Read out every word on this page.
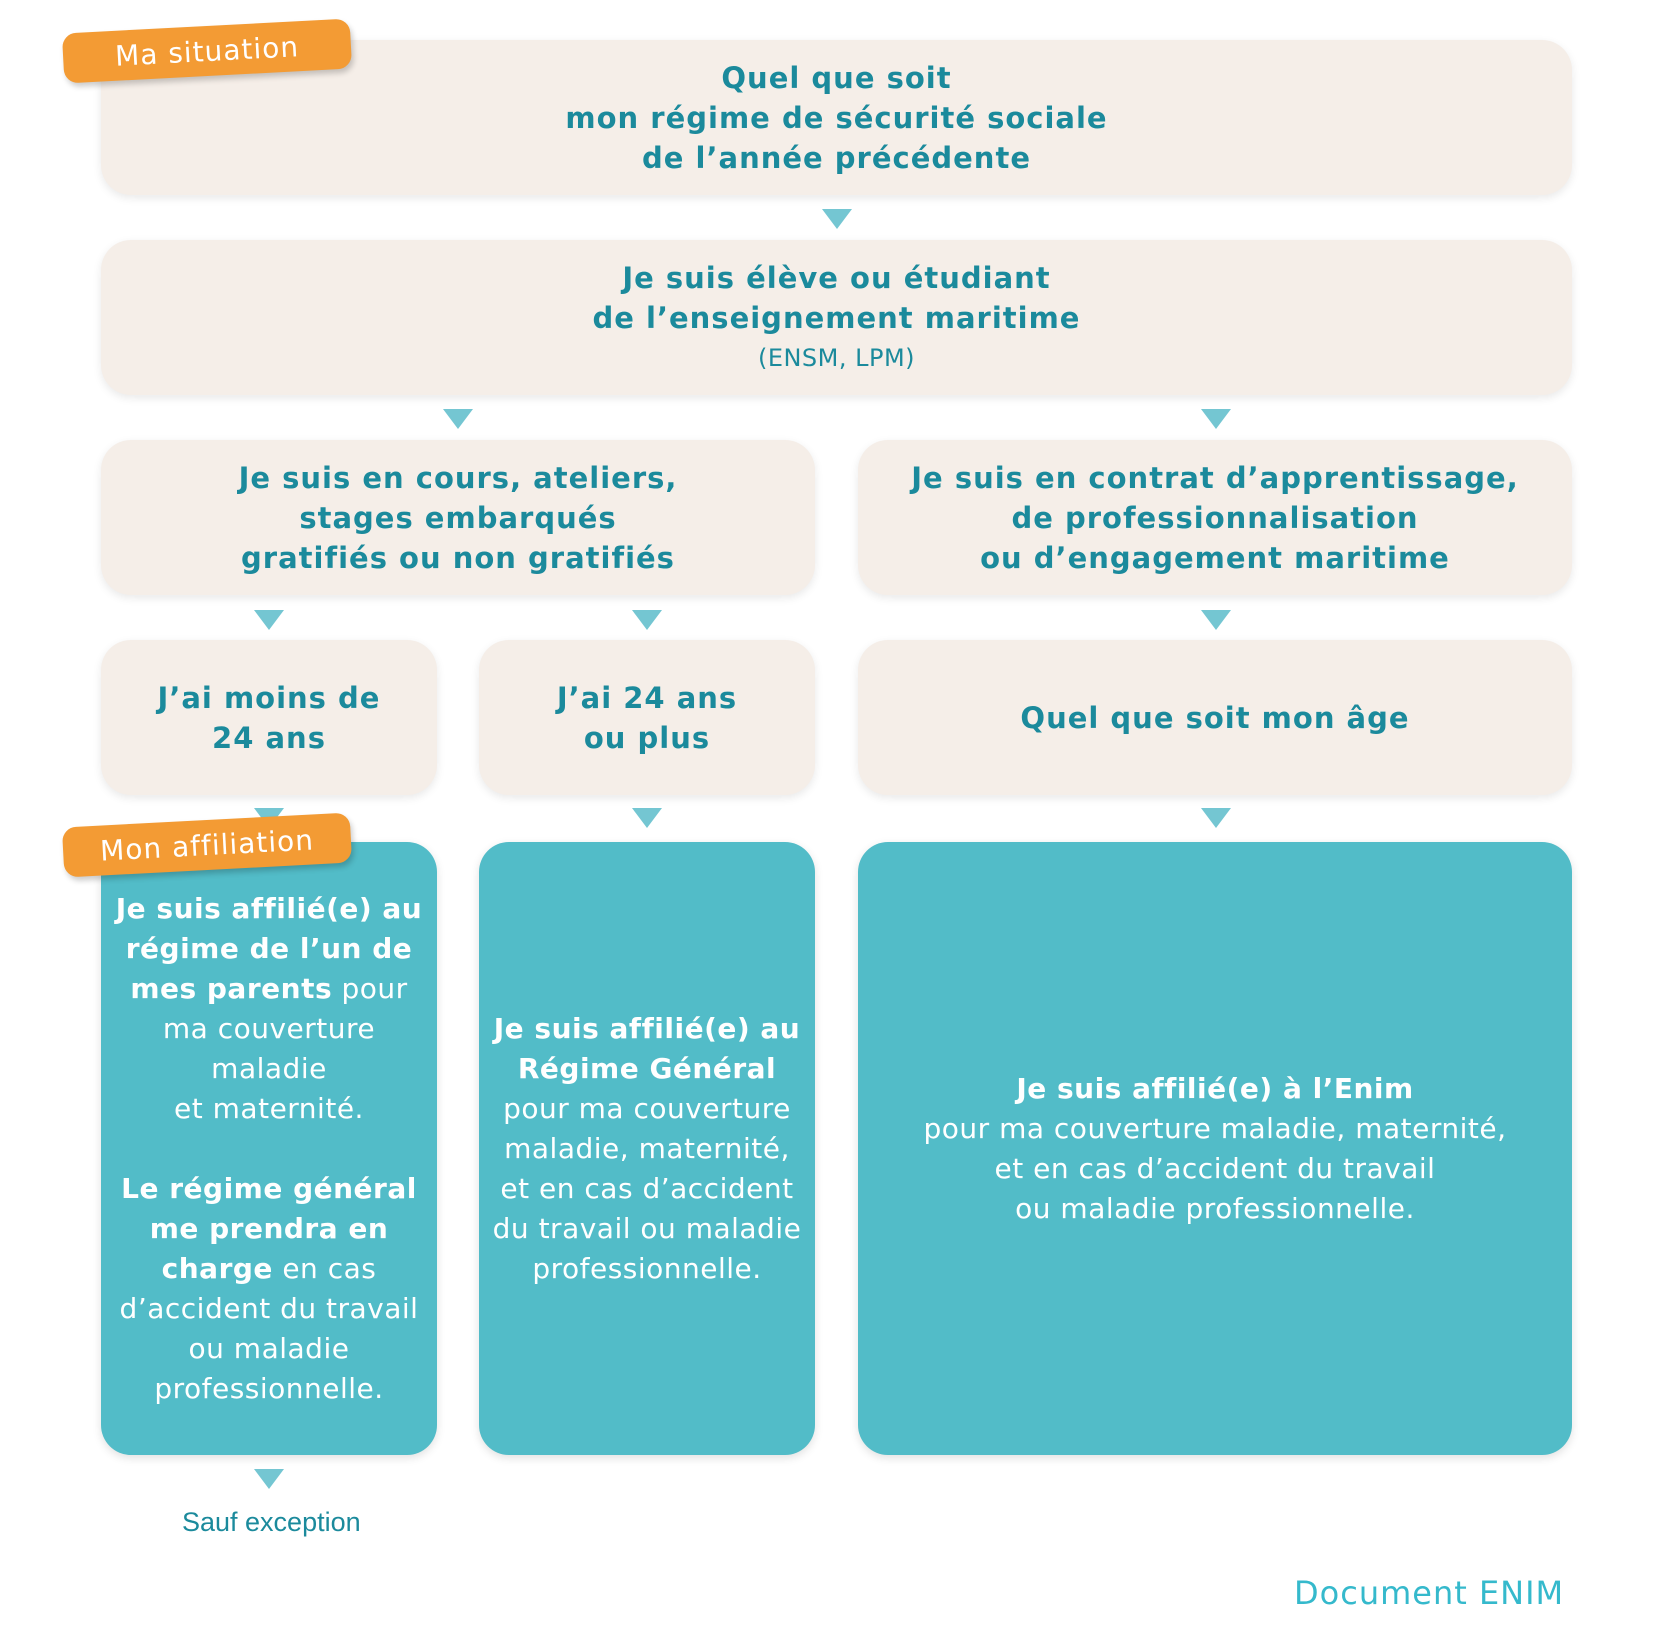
Ma situation
Mon affiliation
Quel que soit
mon régime de sécurité sociale
de l’année précédente
Je suis élève ou étudiant
de l’enseignement maritime
(ENSM, LPM)
Je suis en cours, ateliers,
stages embarqués
gratifiés ou non gratifiés
Je suis en contrat d’apprentissage,
de professionnalisation
ou d’engagement maritime
J’ai moins de
24 ans
J’ai 24 ans
ou plus
Quel que soit mon âge
Je suis affilié(e) au
régime de l’un de
mes parents pour
ma couverture
maladie
et maternité.
Le régime général
me prendra en
charge en cas
d’accident du travail
ou maladie
professionnelle.
Je suis affilié(e) au
Régime Général
pour ma couverture
maladie, maternité,
et en cas d’accident
du travail ou maladie
professionnelle.
Je suis affilié(e) à l’Enim
pour ma couverture maladie, maternité,
et en cas d’accident du travail
ou maladie professionnelle.
Sauf exception
Document ENIM
